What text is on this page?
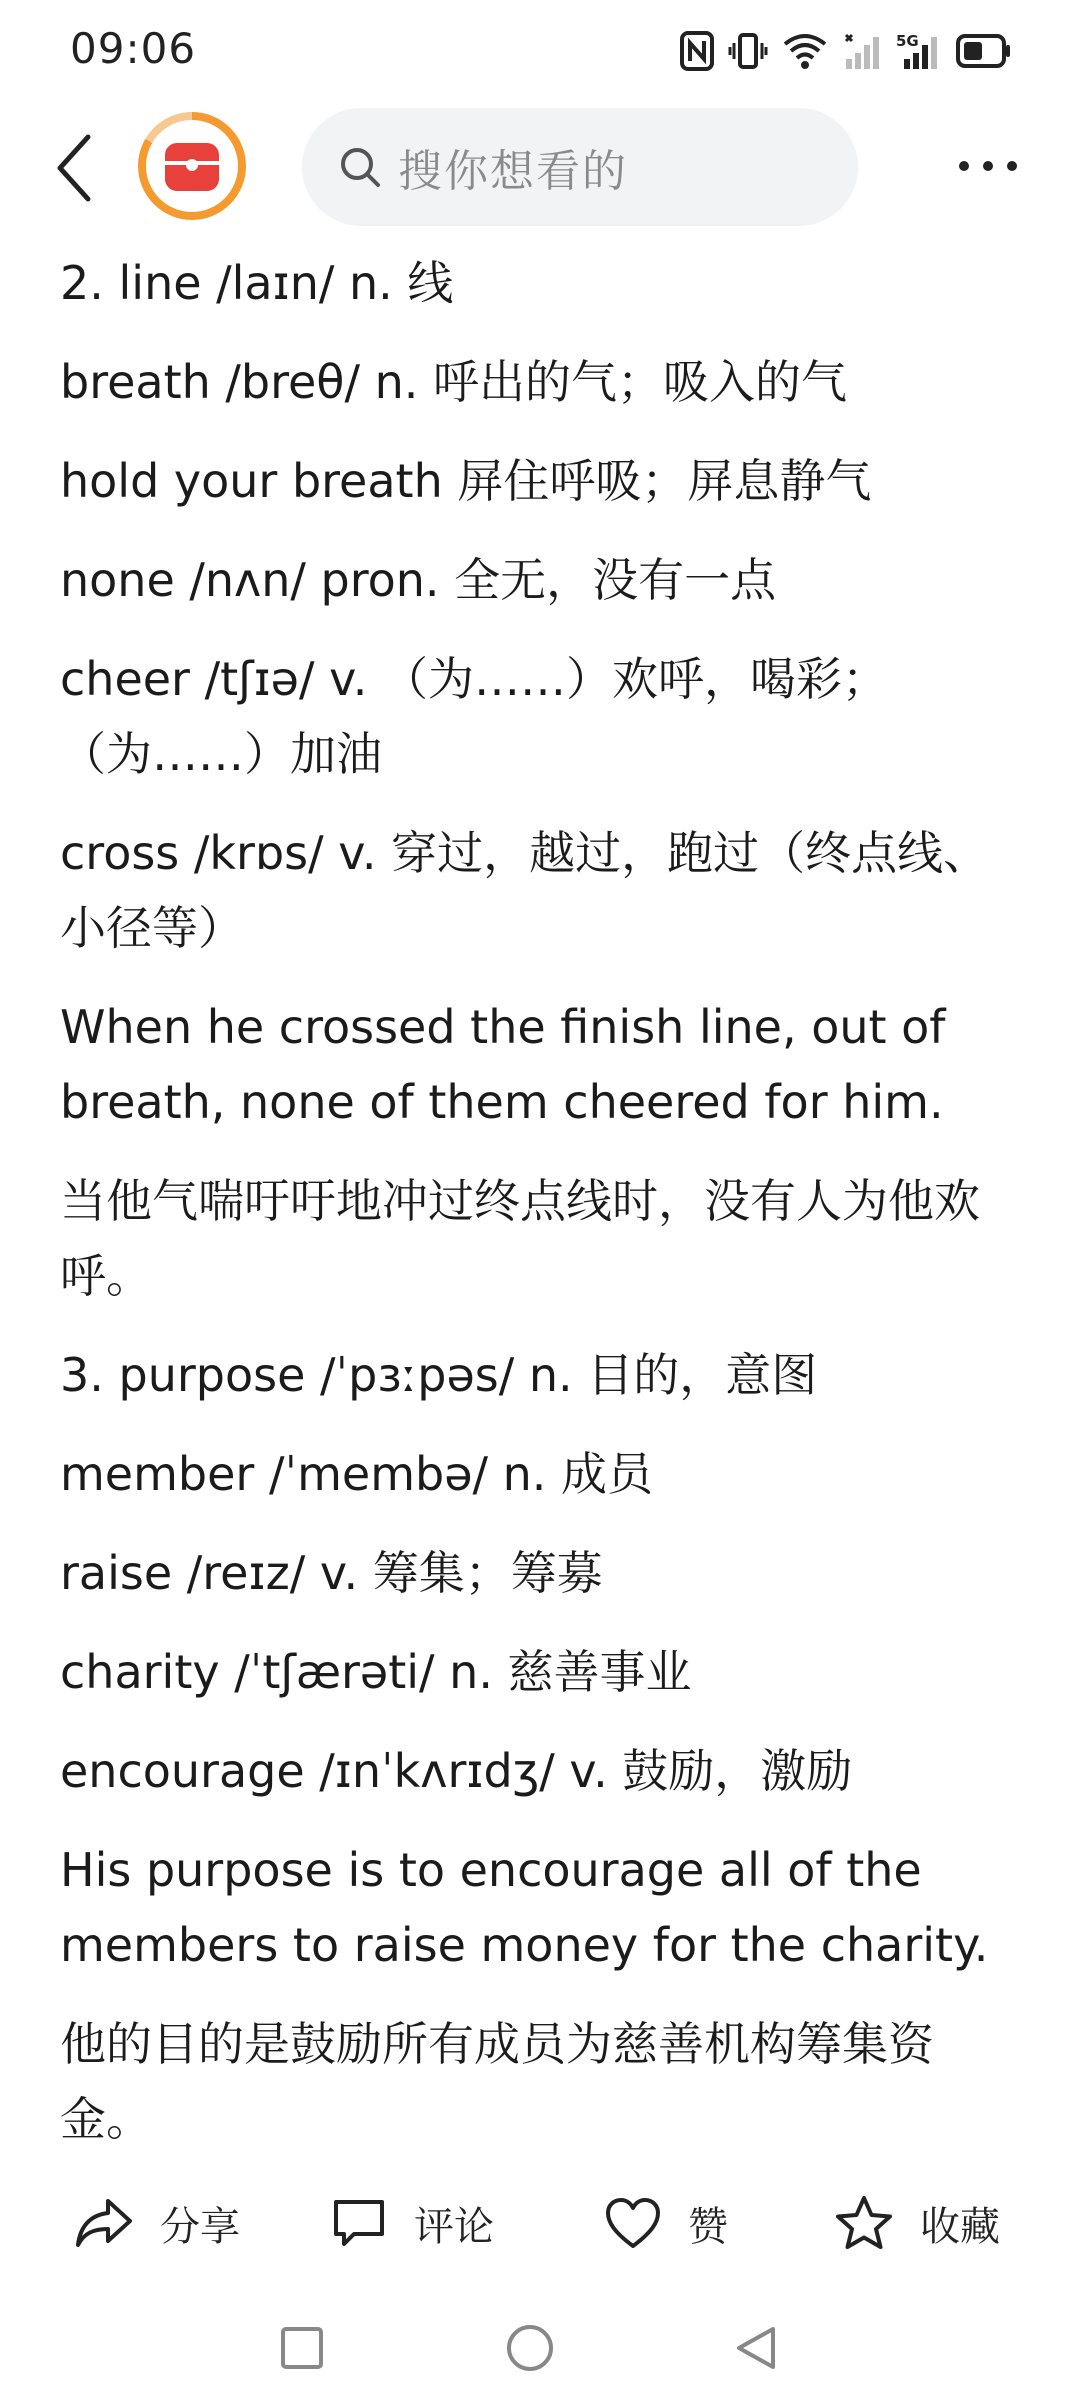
09:06	5G
搜你想看的

2. line /laɪn/ n. 线

breath /breθ/ n. 呼出的气；吸入的气

hold your breath 屏住呼吸；屏息静气

none /nʌn/ pron. 全无，没有一点

cheer /tʃɪə/ v. （为……）欢呼，喝彩；（为……）加油

cross /krɒs/ v. 穿过，越过，跑过（终点线、小径等）

When he crossed the finish line, out of breath, none of them cheered for him.

当他气喘吁吁地冲过终点线时，没有人为他欢呼。

3. purpose /ˈpɜːpəs/ n. 目的，意图

member /ˈmembə/ n. 成员

raise /reɪz/ v. 筹集；筹募

charity /ˈtʃærəti/ n. 慈善事业

encourage /ɪnˈkʌrɪdʒ/ v. 鼓励，激励

His purpose is to encourage all of the members to raise money for the charity.

他的目的是鼓励所有成员为慈善机构筹集资金。

分享	评论	赞	收藏
